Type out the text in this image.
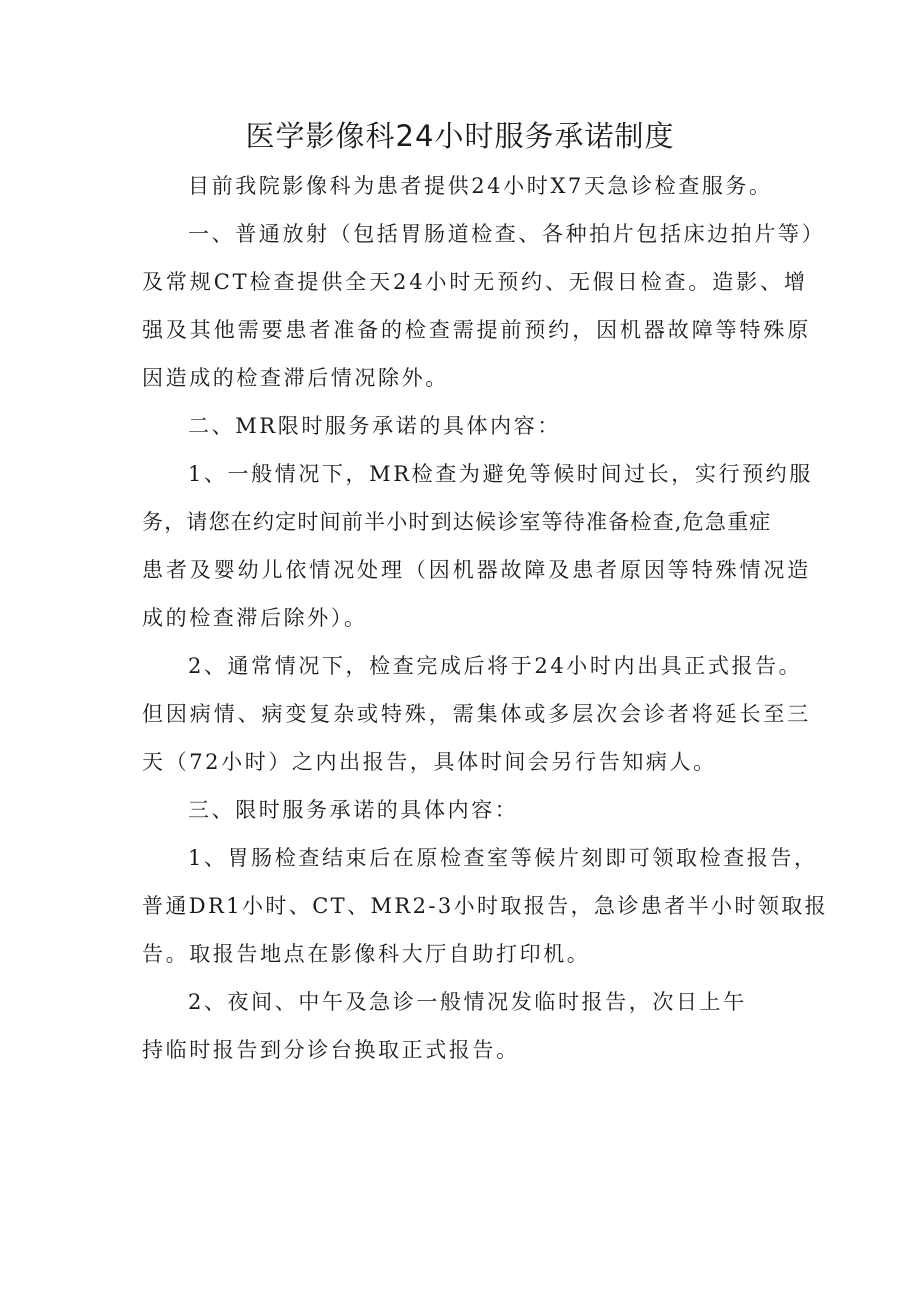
医学影像科24小时服务承诺制度
目前我院影像科为患者提供24小时X7天急诊检查服务。
一、普通放射（包括胃肠道检查、各种拍片包括床边拍片等）
及常规CT检查提供全天24小时无预约、无假日检查。造影、增
强及其他需要患者准备的检查需提前预约，因机器故障等特殊原
因造成的检查滞后情况除外。
二、MR限时服务承诺的具体内容：
1、一般情况下，MR检查为避免等候时间过长，实行预约服
务，请您在约定时间前半小时到达候诊室等待准备检查,危急重症
患者及婴幼儿依情况处理（因机器故障及患者原因等特殊情况造
成的检查滞后除外）。
2、通常情况下，检查完成后将于24小时内出具正式报告。
但因病情、病变复杂或特殊，需集体或多层次会诊者将延长至三
天（72小时）之内出报告，具体时间会另行告知病人。
三、限时服务承诺的具体内容：
1、胃肠检查结束后在原检查室等候片刻即可领取检查报告，
普通DR1小时、CT、MR2-3小时取报告，急诊患者半小时领取报
告。取报告地点在影像科大厅自助打印机。
2、夜间、中午及急诊一般情况发临时报告，次日上午
持临时报告到分诊台换取正式报告。
